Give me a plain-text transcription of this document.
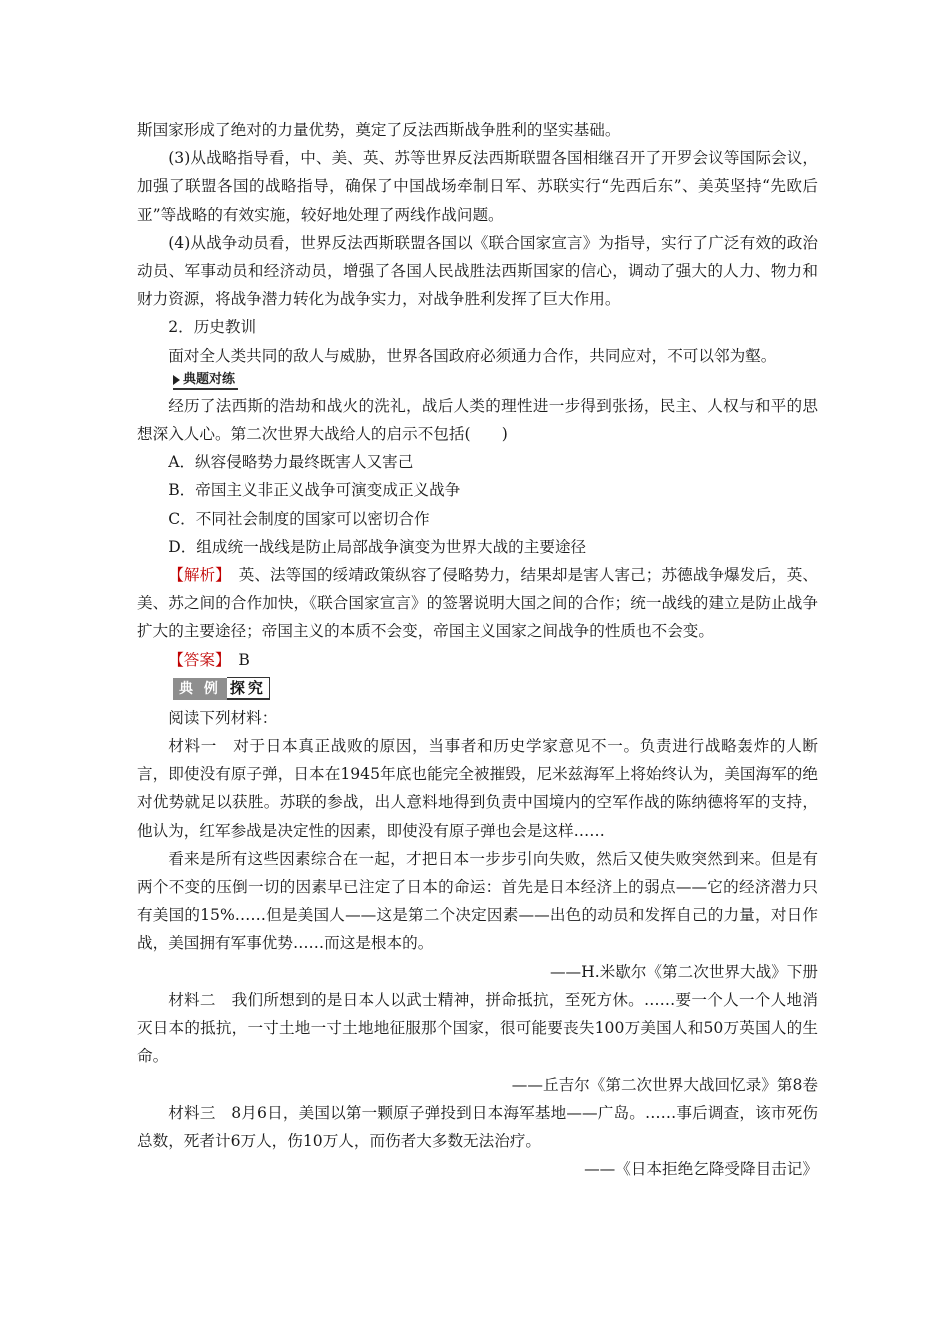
斯国家形成了绝对的力量优势，奠定了反法西斯战争胜利的坚实基础。

(3)从战略指导看，中、美、英、苏等世界反法西斯联盟各国相继召开了开罗会议等国际会议，加强了联盟各国的战略指导，确保了中国战场牵制日军、苏联实行“先西后东”、美英坚持“先欧后亚”等战略的有效实施，较好地处理了两线作战问题。

(4)从战争动员看，世界反法西斯联盟各国以《联合国家宣言》为指导，实行了广泛有效的政治动员、军事动员和经济动员，增强了各国人民战胜法西斯国家的信心，调动了强大的人力、物力和财力资源，将战争潜力转化为战争实力，对战争胜利发挥了巨大作用。

2．历史教训

面对全人类共同的敌人与威胁，世界各国政府必须通力合作，共同应对，不可以邻为壑。

典题对练

经历了法西斯的浩劫和战火的洗礼，战后人类的理性进一步得到张扬，民主、人权与和平的思想深入人心。第二次世界大战给人的启示不包括(　　)

A．纵容侵略势力最终既害人又害己

B．帝国主义非正义战争可演变成正义战争

C．不同社会制度的国家可以密切合作

D．组成统一战线是防止局部战争演变为世界大战的主要途径

【解析】　英、法等国的绥靖政策纵容了侵略势力，结果却是害人害己；苏德战争爆发后，英、美、苏之间的合作加快，《联合国家宣言》的签署说明大国之间的合作；统一战线的建立是防止战争扩大的主要途径；帝国主义的本质不会变，帝国主义国家之间战争的性质也不会变。

【答案】　B

典 例 探究

阅读下列材料：

材料一　对于日本真正战败的原因，当事者和历史学家意见不一。负责进行战略轰炸的人断言，即使没有原子弹，日本在1945年底也能完全被摧毁，尼米兹海军上将始终认为，美国海军的绝对优势就足以获胜。苏联的参战，出人意料地得到负责中国境内的空军作战的陈纳德将军的支持，他认为，红军参战是决定性的因素，即使没有原子弹也会是这样……

看来是所有这些因素综合在一起，才把日本一步步引向失败，然后又使失败突然到来。但是有两个不变的压倒一切的因素早已注定了日本的命运：首先是日本经济上的弱点——它的经济潜力只有美国的15%……但是美国人——这是第二个决定因素——出色的动员和发挥自己的力量，对日作战，美国拥有军事优势……而这是根本的。

——H.米歇尔《第二次世界大战》下册

材料二　我们所想到的是日本人以武士精神，拼命抵抗，至死方休。……要一个人一个人地消灭日本的抵抗，一寸土地一寸土地地征服那个国家，很可能要丧失100万美国人和50万英国人的生命。

——丘吉尔《第二次世界大战回忆录》第8卷

材料三　8月6日，美国以第一颗原子弹投到日本海军基地——广岛。……事后调查，该市死伤总数，死者计6万人，伤10万人，而伤者大多数无法治疗。

——《日本拒绝乞降受降目击记》
